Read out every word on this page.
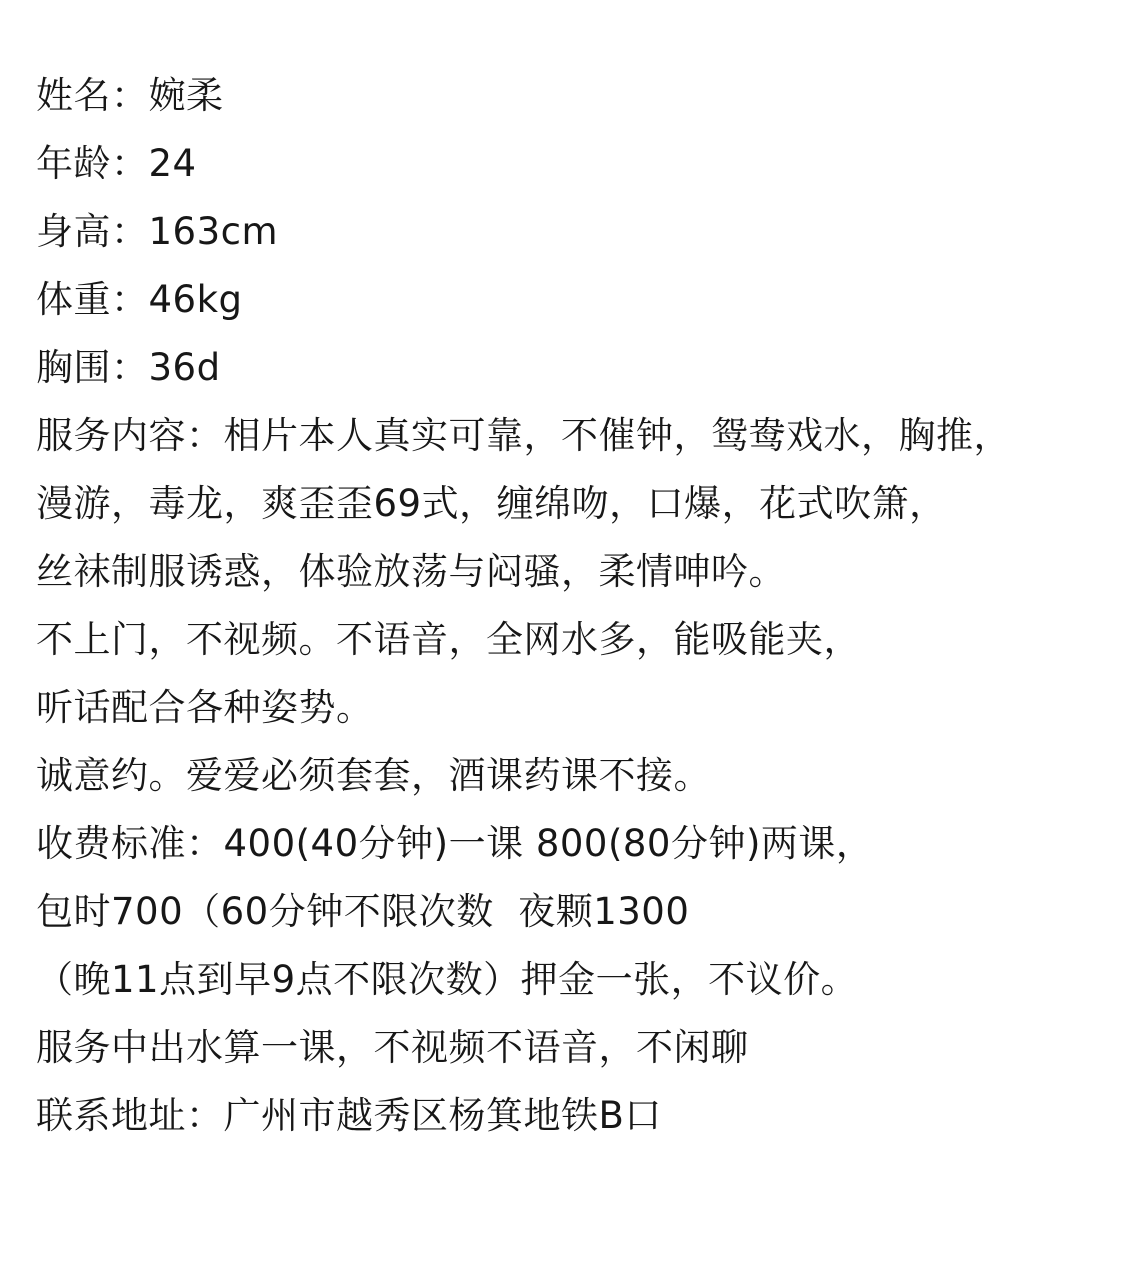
姓名：婉柔
年龄：24
身高：163cm
体重：46kg
胸围：36d
服务内容：相片本人真实可靠，不催钟，鸳鸯戏水，胸推，
漫游，毒龙，爽歪歪69式，缠绵吻，口爆，花式吹箫，
丝袜制服诱惑，体验放荡与闷骚，柔情呻吟。
不上门，不视频。不语音，全网水多，能吸能夹，
听话配合各种姿势。
诚意约。爱爱必须套套，酒课药课不接。
收费标准：400(40分钟)一课 800(80分钟)两课，
包时700（60分钟不限次数  夜颗1300
（晚11点到早9点不限次数）押金一张，不议价。
服务中出水算一课，不视频不语音，不闲聊
联系地址：广州市越秀区杨箕地铁B口
